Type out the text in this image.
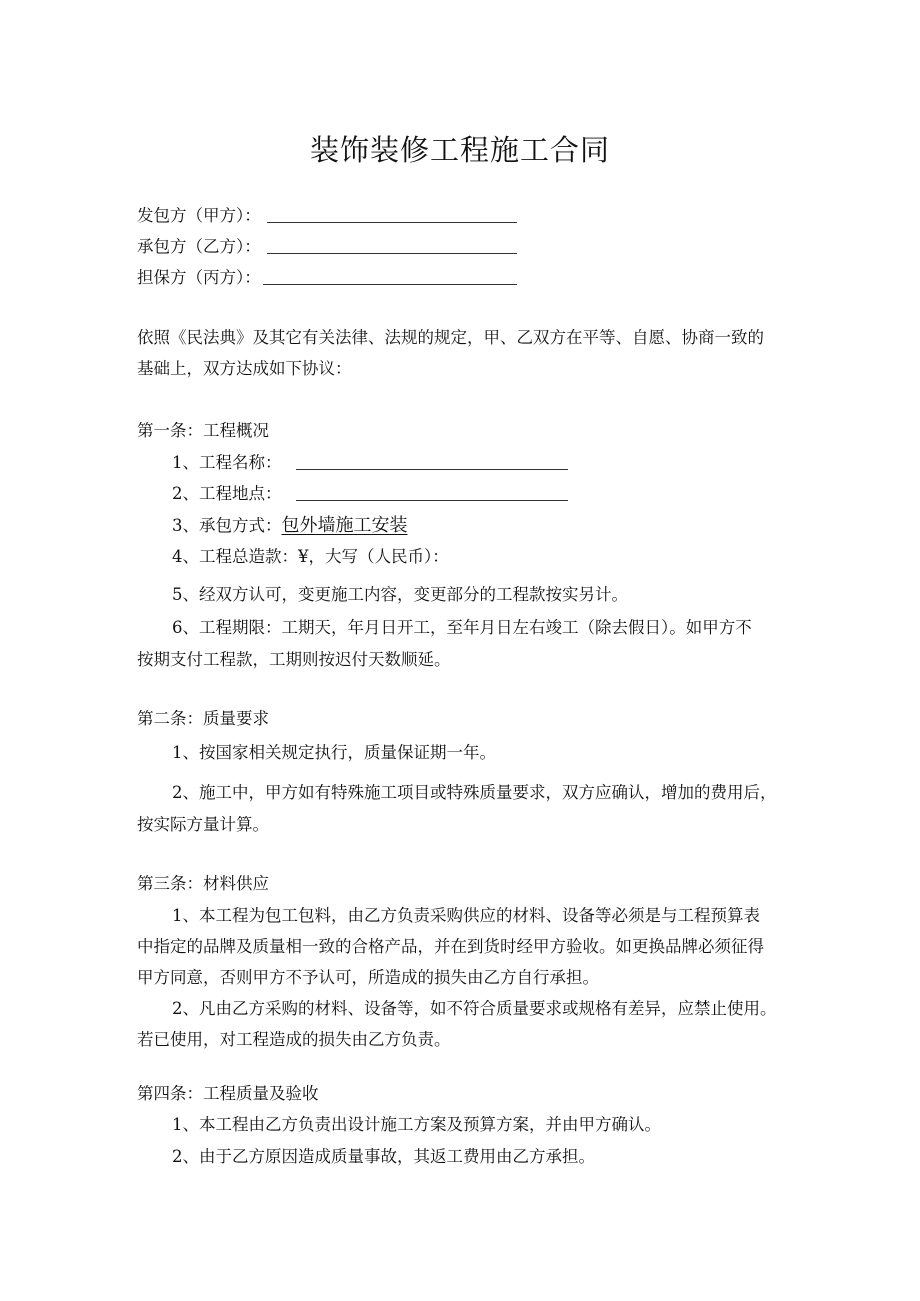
装饰装修工程施工合同
发包方（甲方）：
承包方（乙方）：
担保方（丙方）：
依照《民法典》及其它有关法律、法规的规定，甲、乙双方在平等、自愿、协商一致的
基础上，双方达成如下协议：
第一条：工程概况
1、工程名称：
2、工程地点：
3、承包方式：包外墙施工安装
4、工程总造款：¥，大写（人民币）：
5、经双方认可，变更施工内容，变更部分的工程款按实另计。
6、工程期限：工期天，年月日开工，至年月日左右竣工（除去假日）。如甲方不
按期支付工程款，工期则按迟付天数顺延。
第二条：质量要求
1、按国家相关规定执行，质量保证期一年。
2、施工中，甲方如有特殊施工项目或特殊质量要求，双方应确认，增加的费用后，
按实际方量计算。
第三条：材料供应
1、本工程为包工包料，由乙方负责采购供应的材料、设备等必须是与工程预算表
中指定的品牌及质量相一致的合格产品，并在到货时经甲方验收。如更换品牌必须征得
甲方同意，否则甲方不予认可，所造成的损失由乙方自行承担。
2、凡由乙方采购的材料、设备等，如不符合质量要求或规格有差异，应禁止使用。
若已使用，对工程造成的损失由乙方负责。
第四条：工程质量及验收
1、本工程由乙方负责出设计施工方案及预算方案，并由甲方确认。
2、由于乙方原因造成质量事故，其返工费用由乙方承担。
